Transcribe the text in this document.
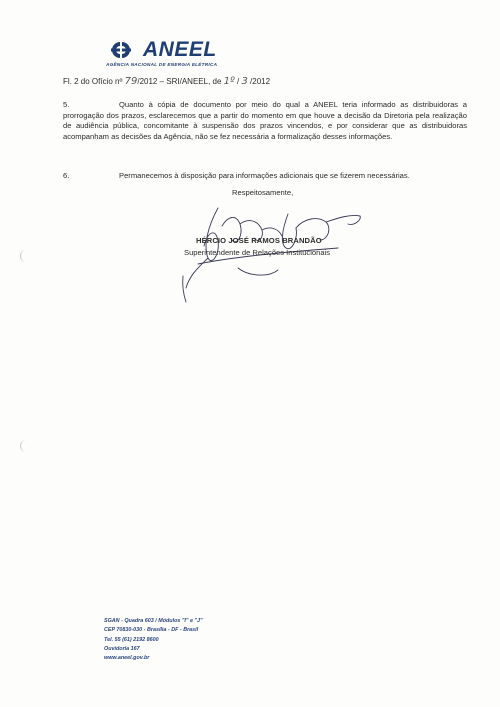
ANEEL
AGÊNCIA NACIONAL DE ENERGIA ELÉTRICA
Fl. 2 do Ofício nº 79/2012 – SRI/ANEEL, de 1º / 3 /2012
5.	Quanto à cópia de documento por meio do qual a ANEEL teria informado as distribuidoras a prorrogação dos prazos, esclarecemos que a partir do momento em que houve a decisão da Diretoria pela realização de audiência pública, concomitante à suspensão dos prazos vincendos, e por considerar que as distribuidoras acompanham as decisões da Agência, não se fez necessária a formalização desses informações.
6.	Permanecemos à disposição para informações adicionais que se fizerem necessárias.
Respeitosamente,
HÉRCIO JOSÉ RAMOS BRANDÃO
Superintendente de Relações Institucionais
SGAN - Quadra 603 / Módulos "I" e "J"
CEP 70830-030 - Brasília - DF - Brasil
Tel. 55 (61) 2192 8600
Ouvidoria 167
www.aneel.gov.br
